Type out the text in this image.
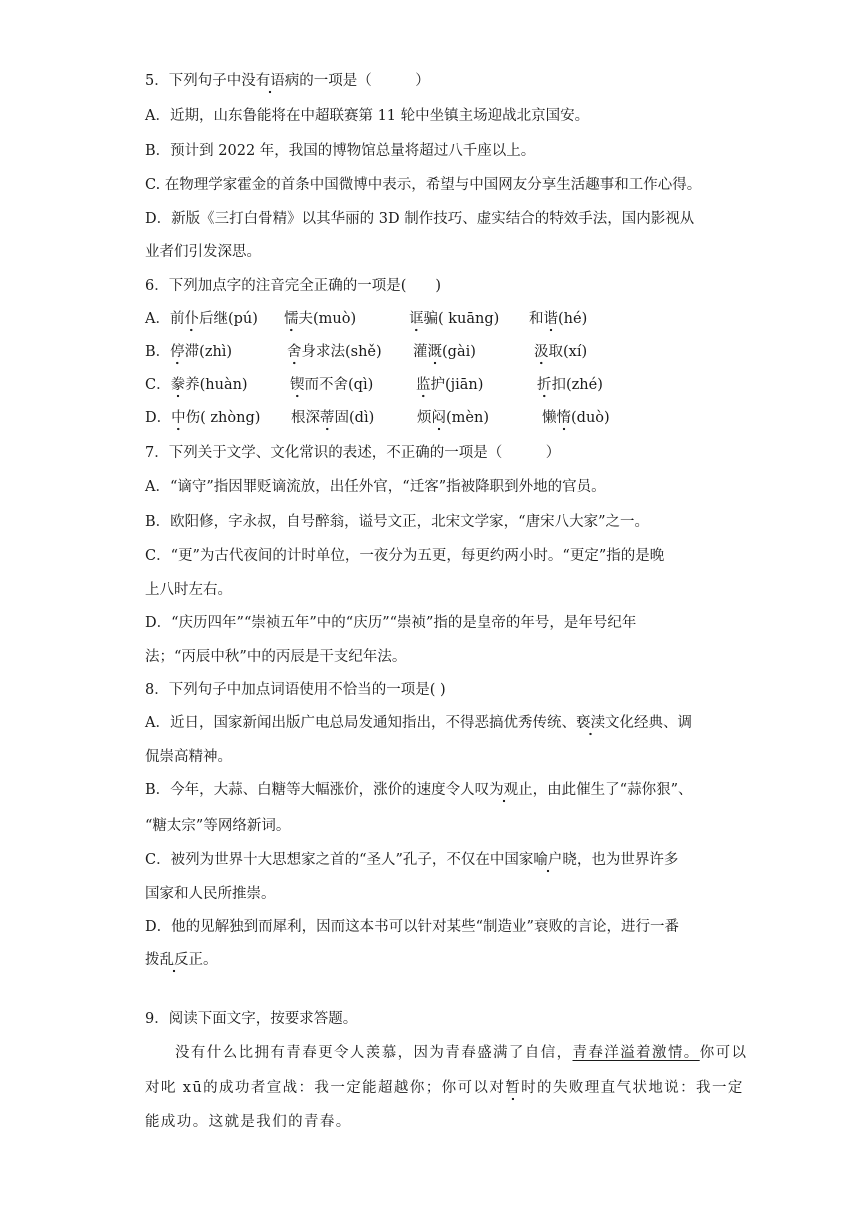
5．下列句子中没有语病的一项是（　　　）
A．近期，山东鲁能将在中超联赛第 11 轮中坐镇主场迎战北京国安。
B．预计到 2022 年，我国的博物馆总量将超过八千座以上。
C. 在物理学家霍金的首条中国微博中表示，希望与中国网友分享生活趣事和工作心得。
D．新版《三打白骨精》以其华丽的 3D 制作技巧、虚实结合的特效手法，国内影视从
业者们引发深思。
6．下列加点字的注音完全正确的一项是(　　)
A．前仆后继(pú) 懦夫(muò)	诓骗( kuāng) 和谐(hé)
B．停滞(zhì)	舍身求法(shě) 灌溉(gài)	汲取(xí)
C．豢养(huàn)	锲而不舍(qì)	监护(jiān)	折扣(zhé)
D．中伤( zhòng) 根深蒂固(dì)	烦闷(mèn)	懒惰(duò)
7．下列关于文学、文化常识的表述，不正确的一项是（　　　）
A．“谪守”指因罪贬谪流放，出任外官，“迁客”指被降职到外地的官员。
B．欧阳修，字永叔，自号醉翁，谥号文正，北宋文学家，“唐宋八大家”之一。
C．“更”为古代夜间的计时单位，一夜分为五更，每更约两小时。“更定”指的是晚
上八时左右。
D．“庆历四年”“崇祯五年”中的“庆历”“崇祯”指的是皇帝的年号，是年号纪年
法；“丙辰中秋”中的丙辰是干支纪年法。
8．下列句子中加点词语使用不恰当的一项是( )
A．近日，国家新闻出版广电总局发通知指出，不得恶搞优秀传统、亵渎文化经典、调
侃崇高精神。
B．今年，大蒜、白糖等大幅涨价，涨价的速度令人叹为观止，由此催生了“蒜你狠”、
“糖太宗”等网络新词。
C．被列为世界十大思想家之首的“圣人”孔子，不仅在中国家喻户晓，也为世界许多
国家和人民所推崇。
D．他的见解独到而犀利，因而这本书可以针对某些“制造业”衰败的言论，进行一番
拨乱反正。
9．阅读下面文字，按要求答题。
没有什么比拥有青春更令人羡慕，因为青春盛满了自信，青春洋溢着激情。你可以
对叱 xū的成功者宣战：我一定能超越你；你可以对暂时的失败理直气状地说：我一定
能成功。这就是我们的青春。
